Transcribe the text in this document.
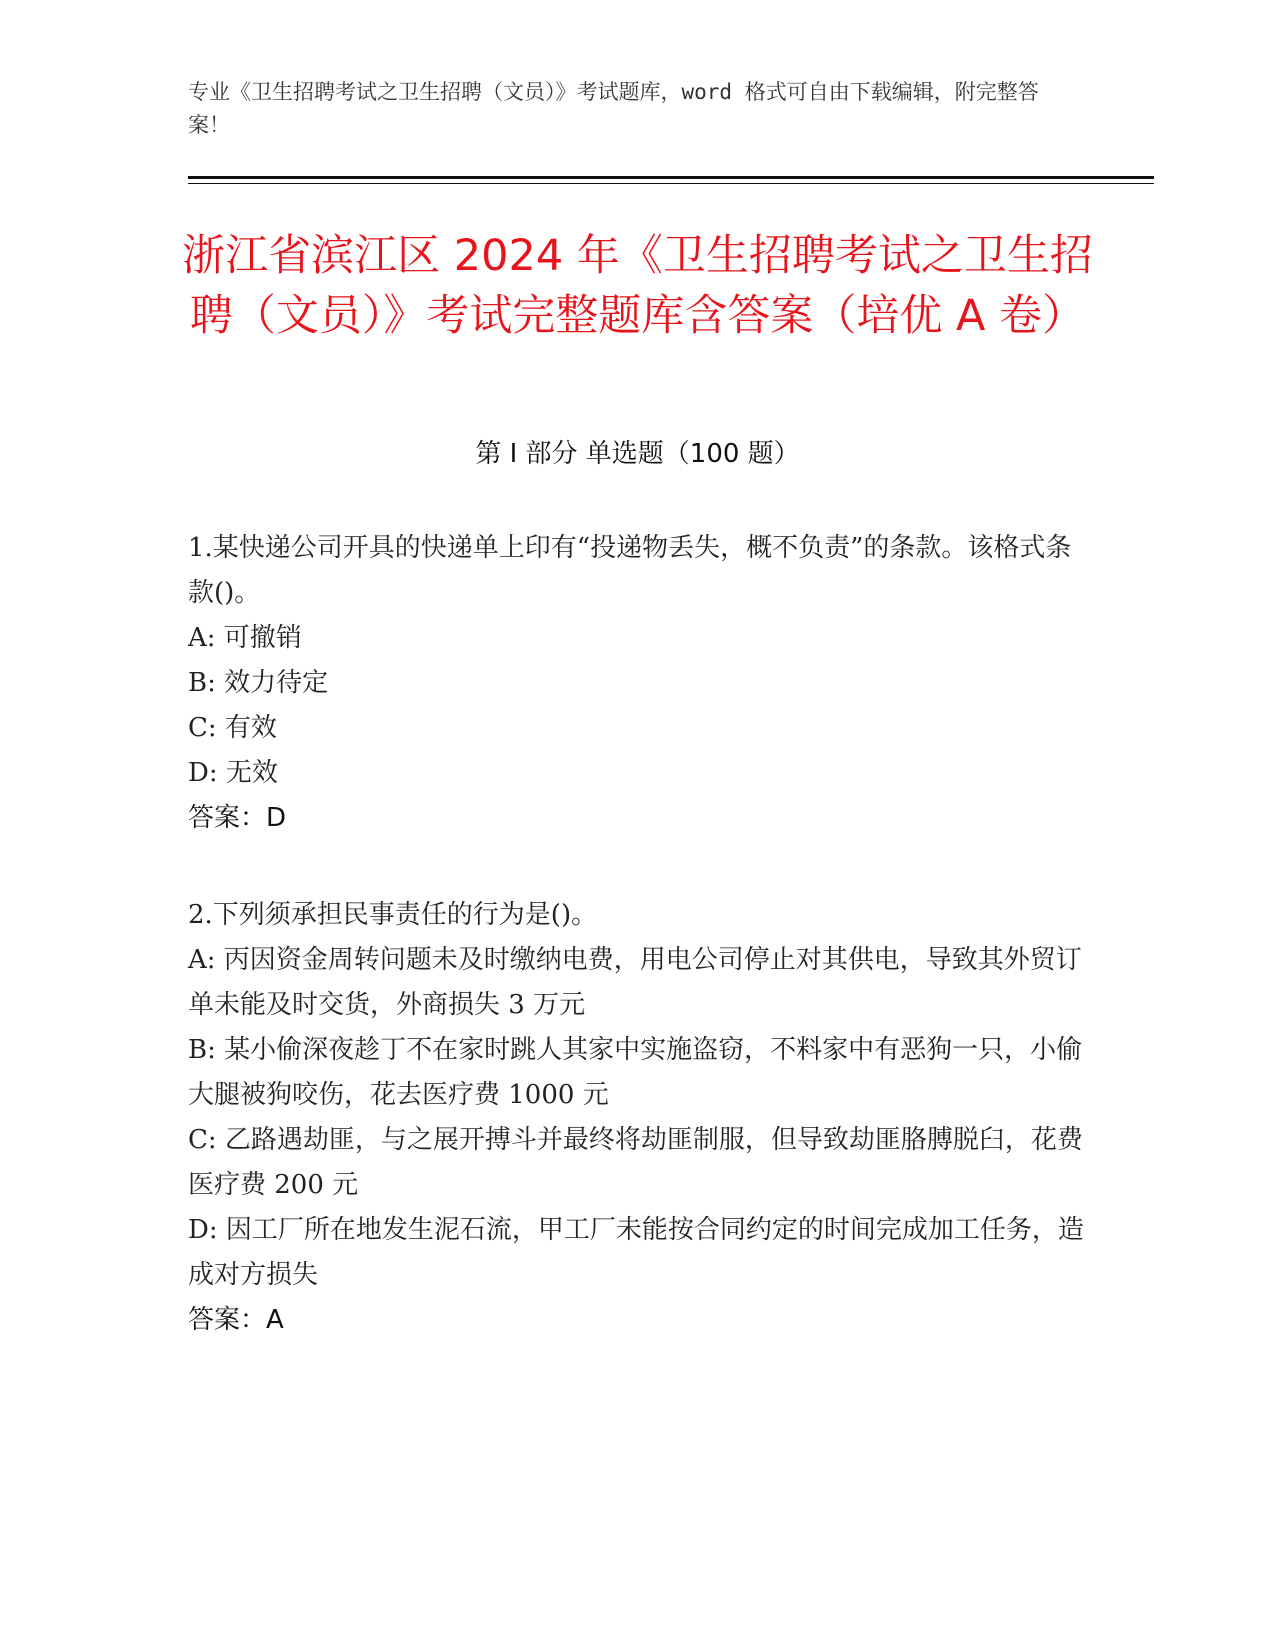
专业《卫生招聘考试之卫生招聘（文员）》考试题库，word 格式可自由下载编辑，附完整答案！
浙江省滨江区 2024 年《卫生招聘考试之卫生招聘（文员）》考试完整题库含答案（培优 A 卷）
第 I 部分 单选题（100 题）

1.某快递公司开具的快递单上印有“投递物丢失，概不负责”的条款。该格式条款()。

A: 可撤销

B: 效力待定

C: 有效

D: 无效

答案：D

2.下列须承担民事责任的行为是()。

A: 丙因资金周转问题未及时缴纳电费，用电公司停止对其供电，导致其外贸订单未能及时交货，外商损失 3 万元

B: 某小偷深夜趁丁不在家时跳人其家中实施盗窃，不料家中有恶狗一只，小偷大腿被狗咬伤，花去医疗费 1000 元

C: 乙路遇劫匪，与之展开搏斗并最终将劫匪制服，但导致劫匪胳膊脱臼，花费医疗费 200 元

D: 因工厂所在地发生泥石流，甲工厂未能按合同约定的时间完成加工任务，造成对方损失

答案：A
